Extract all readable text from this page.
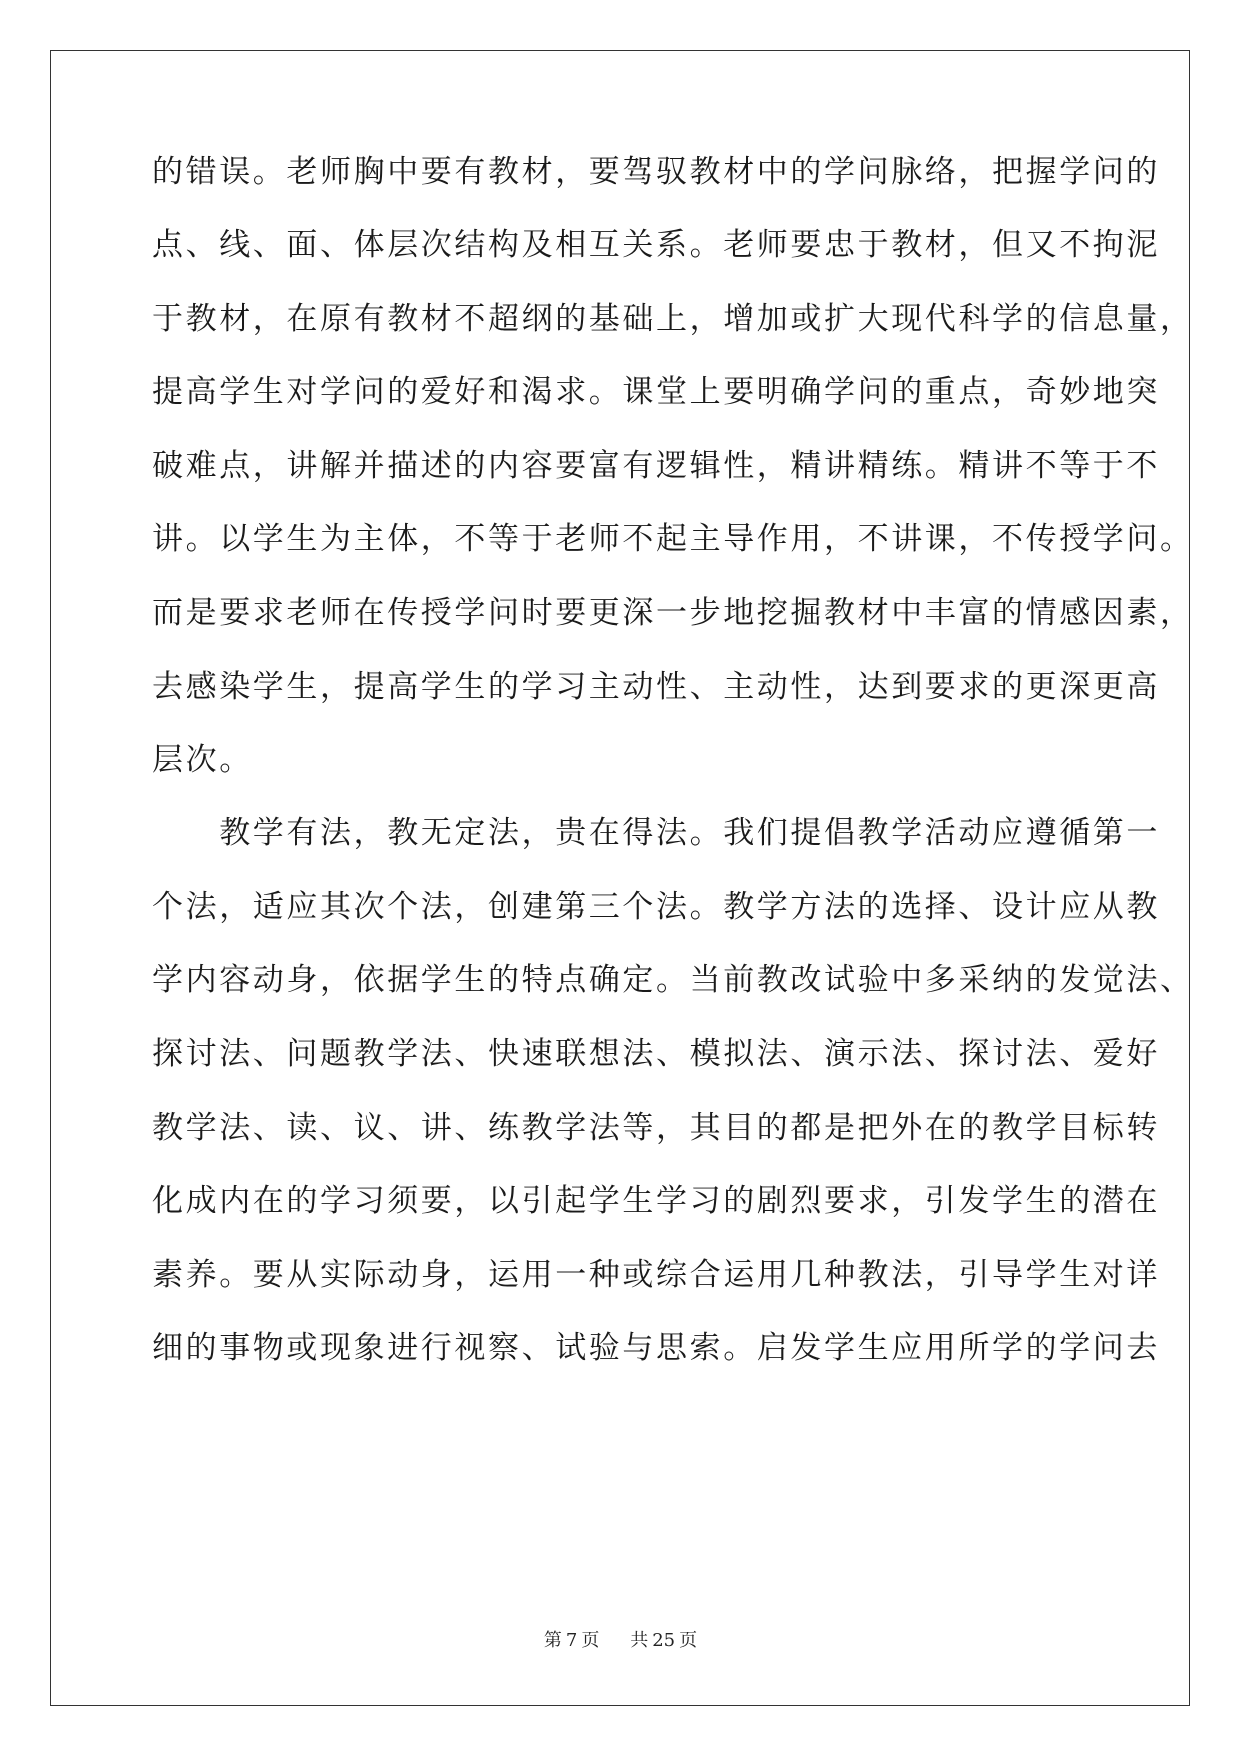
的错误。老师胸中要有教材，要驾驭教材中的学问脉络，把握学问的
点、线、面、体层次结构及相互关系。老师要忠于教材，但又不拘泥
于教材，在原有教材不超纲的基础上，增加或扩大现代科学的信息量，
提高学生对学问的爱好和渴求。课堂上要明确学问的重点，奇妙地突
破难点，讲解并描述的内容要富有逻辑性，精讲精练。精讲不等于不
讲。以学生为主体，不等于老师不起主导作用，不讲课，不传授学问。
而是要求老师在传授学问时要更深一步地挖掘教材中丰富的情感因素，
去感染学生，提高学生的学习主动性、主动性，达到要求的更深更高
层次。
　　教学有法，教无定法，贵在得法。我们提倡教学活动应遵循第一
个法，适应其次个法，创建第三个法。教学方法的选择、设计应从教
学内容动身，依据学生的特点确定。当前教改试验中多采纳的发觉法、
探讨法、问题教学法、快速联想法、模拟法、演示法、探讨法、爱好
教学法、读、议、讲、练教学法等，其目的都是把外在的教学目标转
化成内在的学习须要，以引起学生学习的剧烈要求，引发学生的潜在
素养。要从实际动身，运用一种或综合运用几种教法，引导学生对详
细的事物或现象进行视察、试验与思索。启发学生应用所学的学问去
第 7 页 共 25 页
